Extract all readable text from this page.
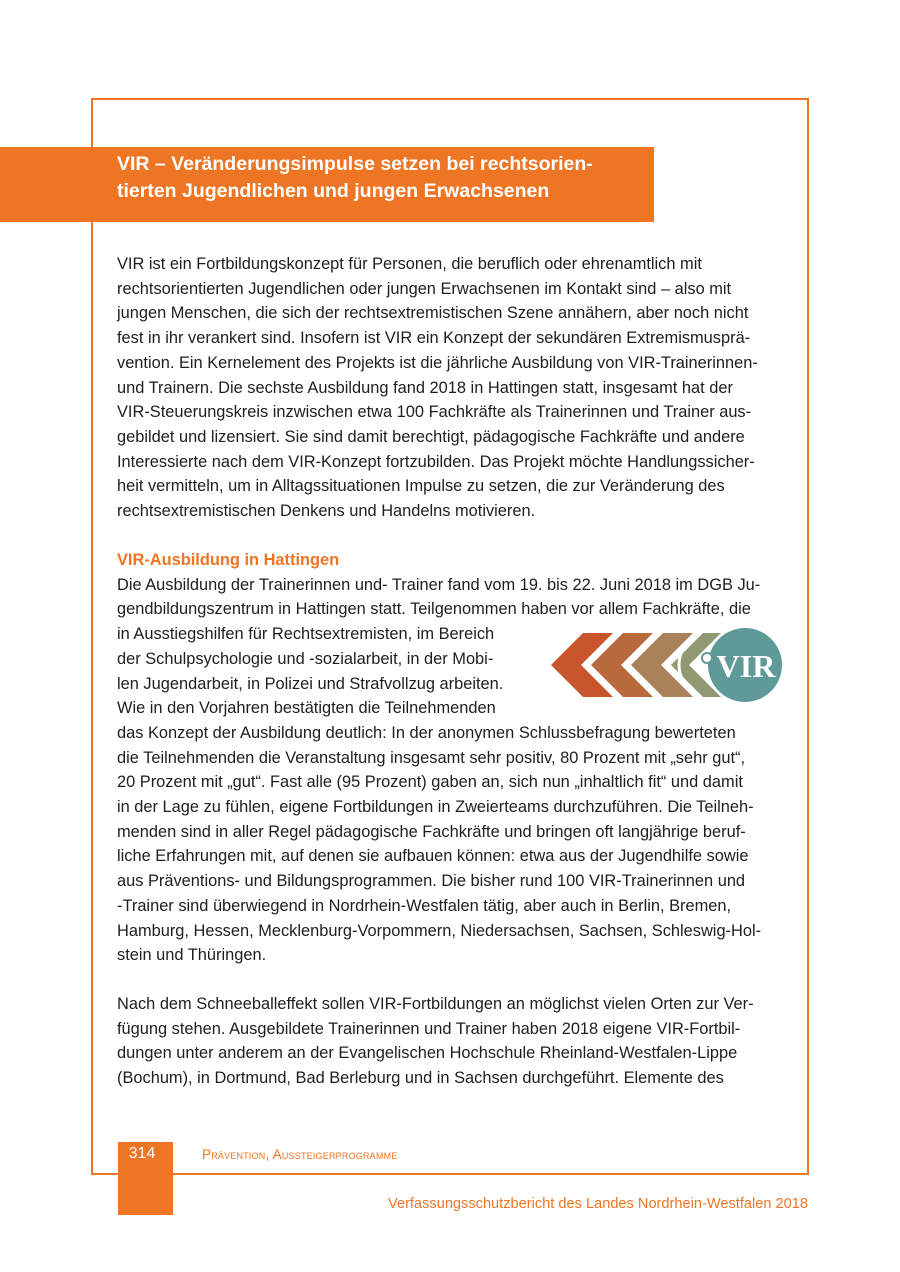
VIR – Veränderungsimpulse setzen bei rechtsorien-
tierten Jugendlichen und jungen Erwachsenen
VIR ist ein Fortbildungskonzept für Personen, die beruflich oder ehrenamtlich mit
rechtsorientierten Jugendlichen oder jungen Erwachsenen im Kontakt sind – also mit
jungen Menschen, die sich der rechtsextremistischen Szene annähern, aber noch nicht
fest in ihr verankert sind. Insofern ist VIR ein Konzept der sekundären Extremismusprä-
vention. Ein Kernelement des Projekts ist die jährliche Ausbildung von VIR-Trainerinnen-
und Trainern. Die sechste Ausbildung fand 2018 in Hattingen statt, insgesamt hat der
VIR-Steuerungskreis inzwischen etwa 100 Fachkräfte als Trainerinnen und Trainer aus-
gebildet und lizensiert. Sie sind damit berechtigt, pädagogische Fachkräfte und andere
Interessierte nach dem VIR-Konzept fortzubilden. Das Projekt möchte Handlungssicher-
heit vermitteln, um in Alltagssituationen Impulse zu setzen, die zur Veränderung des
rechtsextremistischen Denkens und Handelns motivieren.
VIR-Ausbildung in Hattingen
Die Ausbildung der Trainerinnen und- Trainer fand vom 19. bis 22. Juni 2018 im DGB Ju-
gendbildungszentrum in Hattingen statt. Teilgenommen haben vor allem Fachkräfte, die
in Ausstiegshilfen für Rechtsextremisten, im Bereich
der Schulpsychologie und -sozialarbeit, in der Mobi-
len Jugendarbeit, in Polizei und Strafvollzug arbeiten.
Wie in den Vorjahren bestätigten die Teilnehmenden
das Konzept der Ausbildung deutlich: In der anonymen Schlussbefragung bewerteten
die Teilnehmenden die Veranstaltung insgesamt sehr positiv, 80 Prozent mit „sehr gut“,
20 Prozent mit „gut“. Fast alle (95 Prozent) gaben an, sich nun „inhaltlich fit“ und damit
in der Lage zu fühlen, eigene Fortbildungen in Zweierteams durchzuführen. Die Teilneh-
menden sind in aller Regel pädagogische Fachkräfte und bringen oft langjährige beruf-
liche Erfahrungen mit, auf denen sie aufbauen können: etwa aus der Jugendhilfe sowie
aus Präventions- und Bildungsprogrammen. Die bisher rund 100 VIR-Trainerinnen und
-Trainer sind überwiegend in Nordrhein-Westfalen tätig, aber auch in Berlin, Bremen,
Hamburg, Hessen, Mecklenburg-Vorpommern, Niedersachsen, Sachsen, Schleswig-Hol-
stein und Thüringen.
VIR
Nach dem Schneeballeffekt sollen VIR-Fortbildungen an möglichst vielen Orten zur Ver-
fügung stehen. Ausgebildete Trainerinnen und Trainer haben 2018 eigene VIR-Fortbil-
dungen unter anderem an der Evangelischen Hochschule Rheinland-Westfalen-Lippe
(Bochum), in Dortmund, Bad Berleburg und in Sachsen durchgeführt. Elemente des
314	Prävention, Aussteigerprogramme
Verfassungsschutzbericht des Landes Nordrhein-Westfalen 2018
